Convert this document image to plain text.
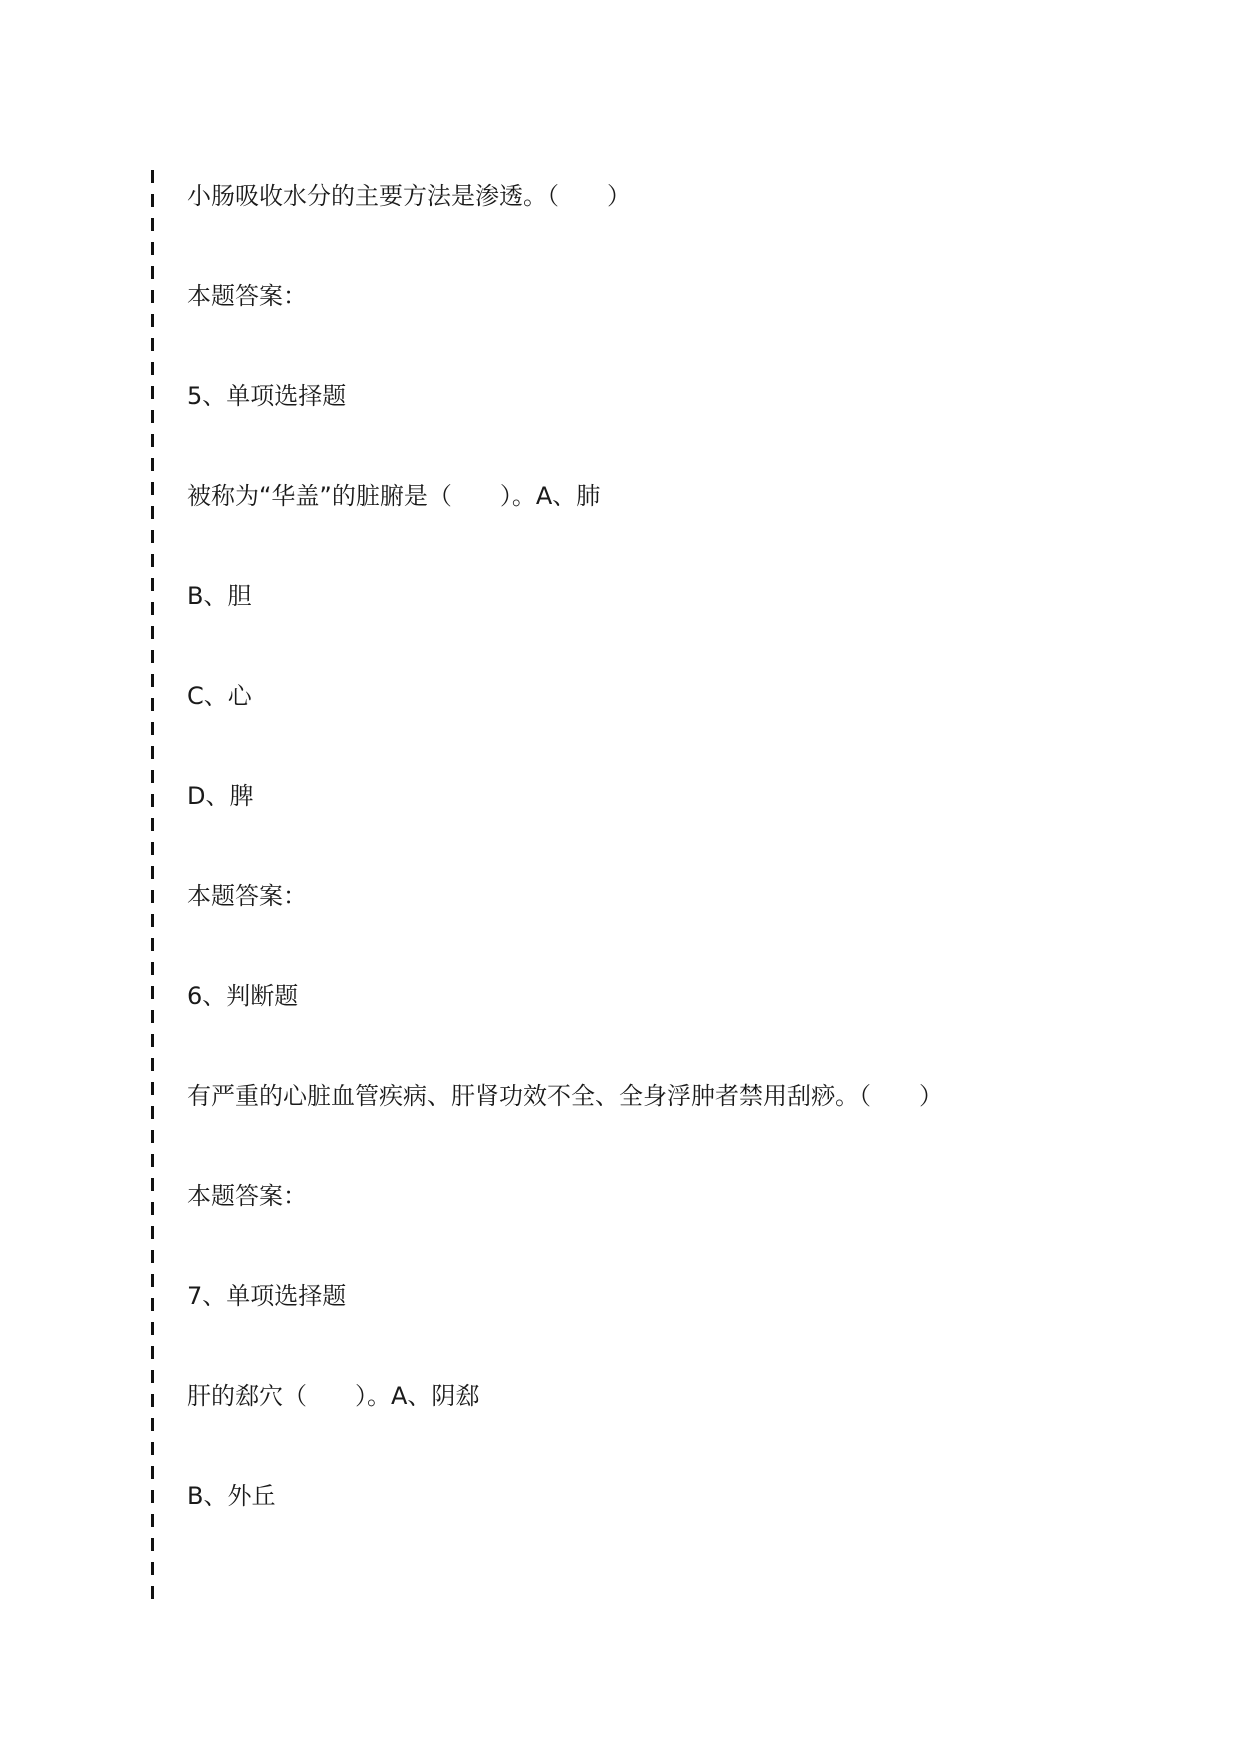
小肠吸收水分的主要方法是渗透。（　　）
本题答案：
5、单项选择题
被称为“华盖”的脏腑是（　　）。A、肺
B、胆
C、心
D、脾
本题答案：
6、判断题
有严重的心脏血管疾病、肝肾功效不全、全身浮肿者禁用刮痧。（　　）
本题答案：
7、单项选择题
肝的郄穴（　　）。A、阴郄
B、外丘
